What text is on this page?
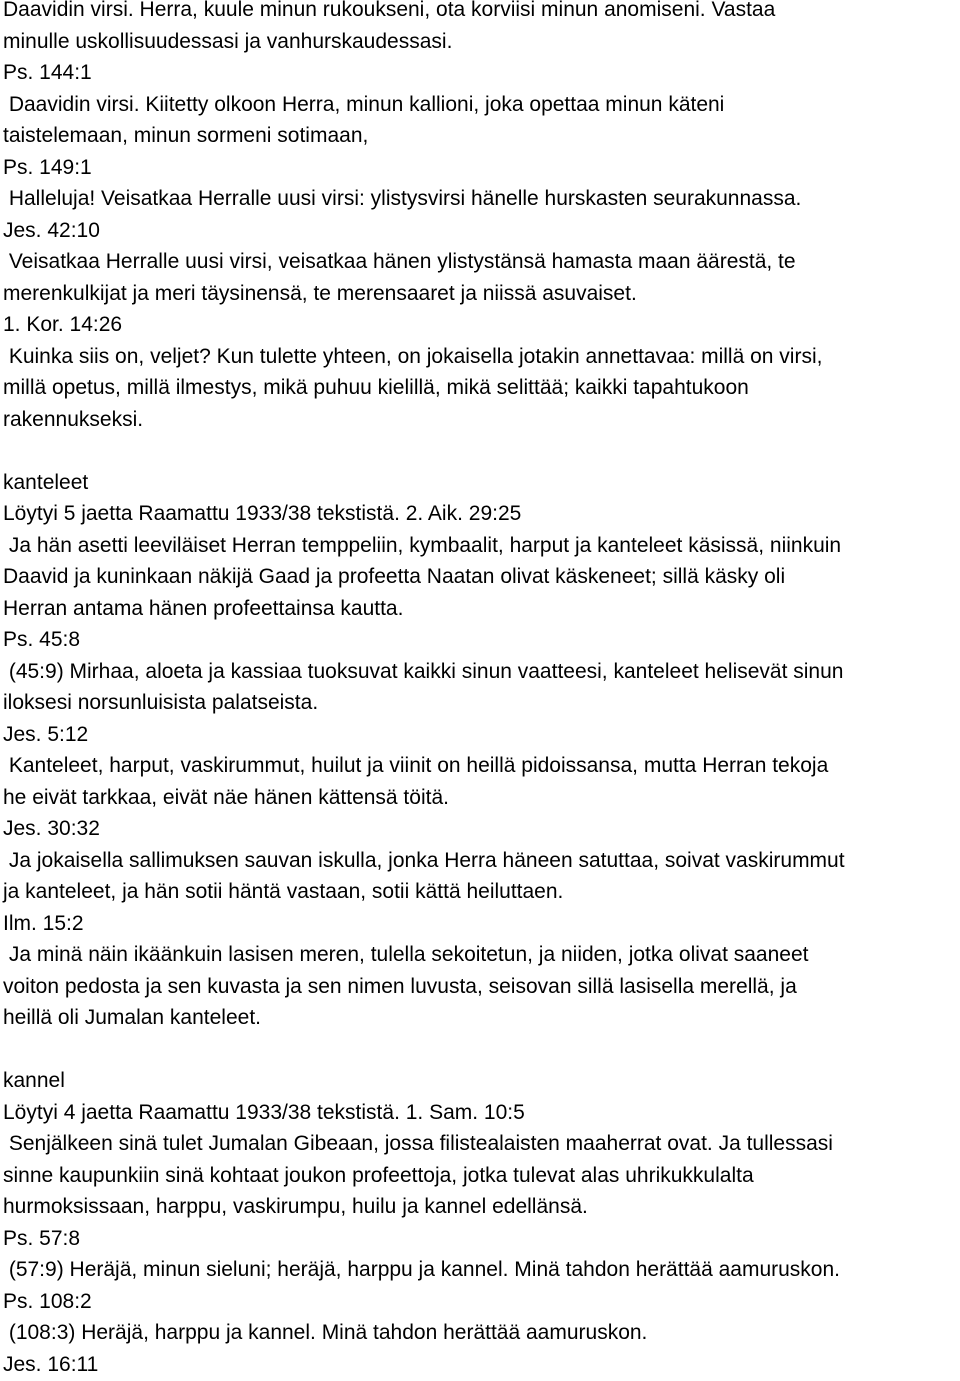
Daavidin virsi. Herra, kuule minun rukoukseni, ota korviisi minun anomiseni. Vastaa
minulle uskollisuudessasi ja vanhurskaudessasi.
Ps. 144:1
Daavidin virsi. Kiitetty olkoon Herra, minun kallioni, joka opettaa minun käteni
taistelemaan, minun sormeni sotimaan,
Ps. 149:1
Halleluja! Veisatkaa Herralle uusi virsi: ylistysvirsi hänelle hurskasten seurakunnassa.
Jes. 42:10
Veisatkaa Herralle uusi virsi, veisatkaa hänen ylistystänsä hamasta maan äärestä, te
merenkulkijat ja meri täysinensä, te merensaaret ja niissä asuvaiset.
1. Kor. 14:26
Kuinka siis on, veljet? Kun tulette yhteen, on jokaisella jotakin annettavaa: millä on virsi,
millä opetus, millä ilmestys, mikä puhuu kielillä, mikä selittää; kaikki tapahtukoon
rakennukseksi.
kanteleet
Löytyi 5 jaetta Raamattu 1933/38 tekstistä. 2. Aik. 29:25
Ja hän asetti leeviläiset Herran temppeliin, kymbaalit, harput ja kanteleet käsissä, niinkuin
Daavid ja kuninkaan näkijä Gaad ja profeetta Naatan olivat käskeneet; sillä käsky oli
Herran antama hänen profeettainsa kautta.
Ps. 45:8
(45:9) Mirhaa, aloeta ja kassiaa tuoksuvat kaikki sinun vaatteesi, kanteleet helisevät sinun
iloksesi norsunluisista palatseista.
Jes. 5:12
Kanteleet, harput, vaskirummut, huilut ja viinit on heillä pidoissansa, mutta Herran tekoja
he eivät tarkkaa, eivät näe hänen kättensä töitä.
Jes. 30:32
Ja jokaisella sallimuksen sauvan iskulla, jonka Herra häneen satuttaa, soivat vaskirummut
ja kanteleet, ja hän sotii häntä vastaan, sotii kättä heiluttaen.
Ilm. 15:2
Ja minä näin ikäänkuin lasisen meren, tulella sekoitetun, ja niiden, jotka olivat saaneet
voiton pedosta ja sen kuvasta ja sen nimen luvusta, seisovan sillä lasisella merellä, ja
heillä oli Jumalan kanteleet.
kannel
Löytyi 4 jaetta Raamattu 1933/38 tekstistä. 1. Sam. 10:5
Senjälkeen sinä tulet Jumalan Gibeaan, jossa filistealaisten maaherrat ovat. Ja tullessasi
sinne kaupunkiin sinä kohtaat joukon profeettoja, jotka tulevat alas uhrikukkulalta
hurmoksissaan, harppu, vaskirumpu, huilu ja kannel edellänsä.
Ps. 57:8
(57:9) Heräjä, minun sieluni; heräjä, harppu ja kannel. Minä tahdon herättää aamuruskon.
Ps. 108:2
(108:3) Heräjä, harppu ja kannel. Minä tahdon herättää aamuruskon.
Jes. 16:11
